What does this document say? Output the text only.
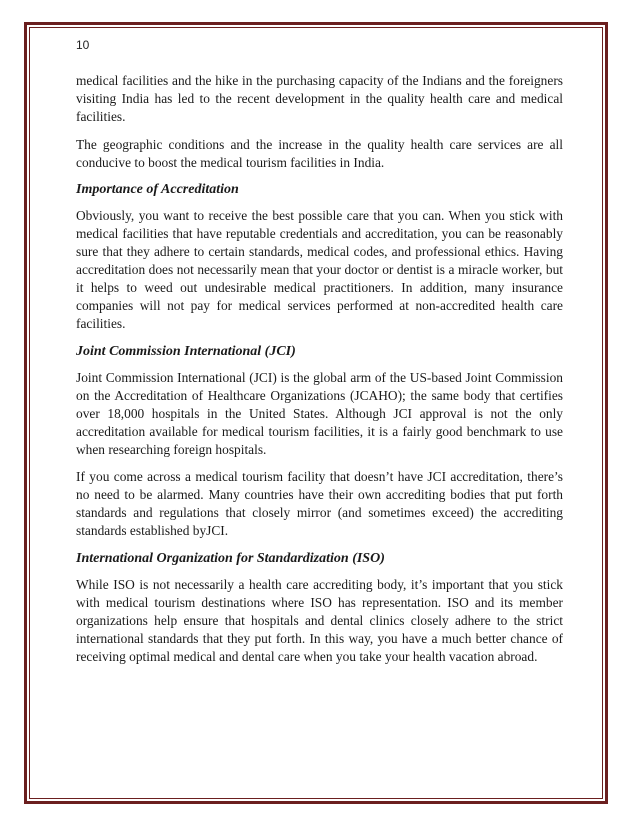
10

medical facilities and the hike in the purchasing capacity of the Indians and the foreigners visiting India has led to the recent development in the quality health care and medical facilities.

The geographic conditions and the increase in the quality health care services are all conducive to boost the medical tourism facilities in India.

Importance of Accreditation

Obviously, you want to receive the best possible care that you can. When you stick with medical facilities that have reputable credentials and accreditation, you can be reasonably sure that they adhere to certain standards, medical codes, and professional ethics. Having accreditation does not necessarily mean that your doctor or dentist is a miracle worker, but it helps to weed out undesirable medical practitioners. In addition, many insurance companies will not pay for medical services performed at non-accredited health care facilities.

Joint Commission International (JCI)

Joint Commission International (JCI) is the global arm of the US-based Joint Commission on the Accreditation of Healthcare Organizations (JCAHO); the same body that certifies over 18,000 hospitals in the United States. Although JCI approval is not the only accreditation available for medical tourism facilities, it is a fairly good benchmark to use when researching foreign hospitals.

If you come across a medical tourism facility that doesn’t have JCI accreditation, there’s no need to be alarmed. Many countries have their own accrediting bodies that put forth standards and regulations that closely mirror (and sometimes exceed) the accrediting standards established byJCI.

International Organization for Standardization (ISO)

While ISO is not necessarily a health care accrediting body, it’s important that you stick with medical tourism destinations where ISO has representation. ISO and its member organizations help ensure that hospitals and dental clinics closely adhere to the strict international standards that they put forth. In this way, you have a much better chance of receiving optimal medical and dental care when you take your health vacation abroad.
